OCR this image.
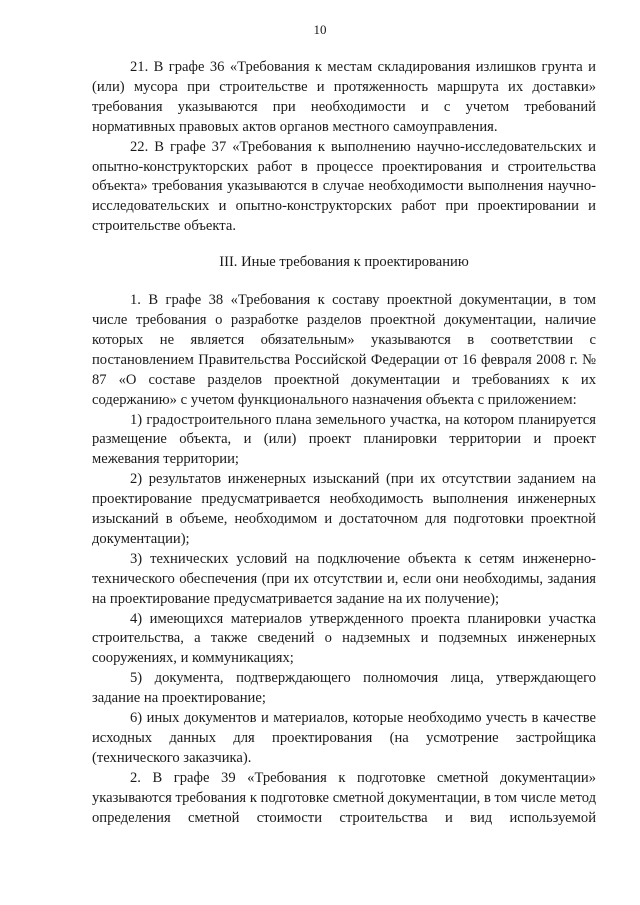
10

21. В графе 36 «Требования к местам складирования излишков грунта и (или) мусора при строительстве и протяженность маршрута их доставки» требования указываются при необходимости и с учетом требований нормативных правовых актов органов местного самоуправления.

22. В графе 37 «Требования к выполнению научно-исследовательских и опытно-конструкторских работ в процессе проектирования и строительства объекта» требования указываются в случае необходимости выполнения научно-исследовательских и опытно-конструкторских работ при проектировании и строительстве объекта.

III. Иные требования к проектированию

1. В графе 38 «Требования к составу проектной документации, в том числе требования о разработке разделов проектной документации, наличие которых не является обязательным» указываются в соответствии с постановлением Правительства Российской Федерации от 16 февраля 2008 г. № 87 «О составе разделов проектной документации и требованиях к их содержанию» с учетом функционального назначения объекта с приложением:

1) градостроительного плана земельного участка, на котором планируется размещение объекта, и (или) проект планировки территории и проект межевания территории;

2) результатов инженерных изысканий (при их отсутствии заданием на проектирование предусматривается необходимость выполнения инженерных изысканий в объеме, необходимом и достаточном для подготовки проектной документации);

3) технических условий на подключение объекта к сетям инженерно-технического обеспечения (при их отсутствии и, если они необходимы, задания на проектирование предусматривается задание на их получение);

4) имеющихся материалов утвержденного проекта планировки участка строительства, а также сведений о надземных и подземных инженерных сооружениях, и коммуникациях;

5) документа, подтверждающего полномочия лица, утверждающего задание на проектирование;

6) иных документов и материалов, которые необходимо учесть в качестве исходных данных для проектирования (на усмотрение застройщика (технического заказчика).

2. В графе 39 «Требования к подготовке сметной документации» указываются требования к подготовке сметной документации, в том числе метод определения сметной стоимости строительства и вид используемой
